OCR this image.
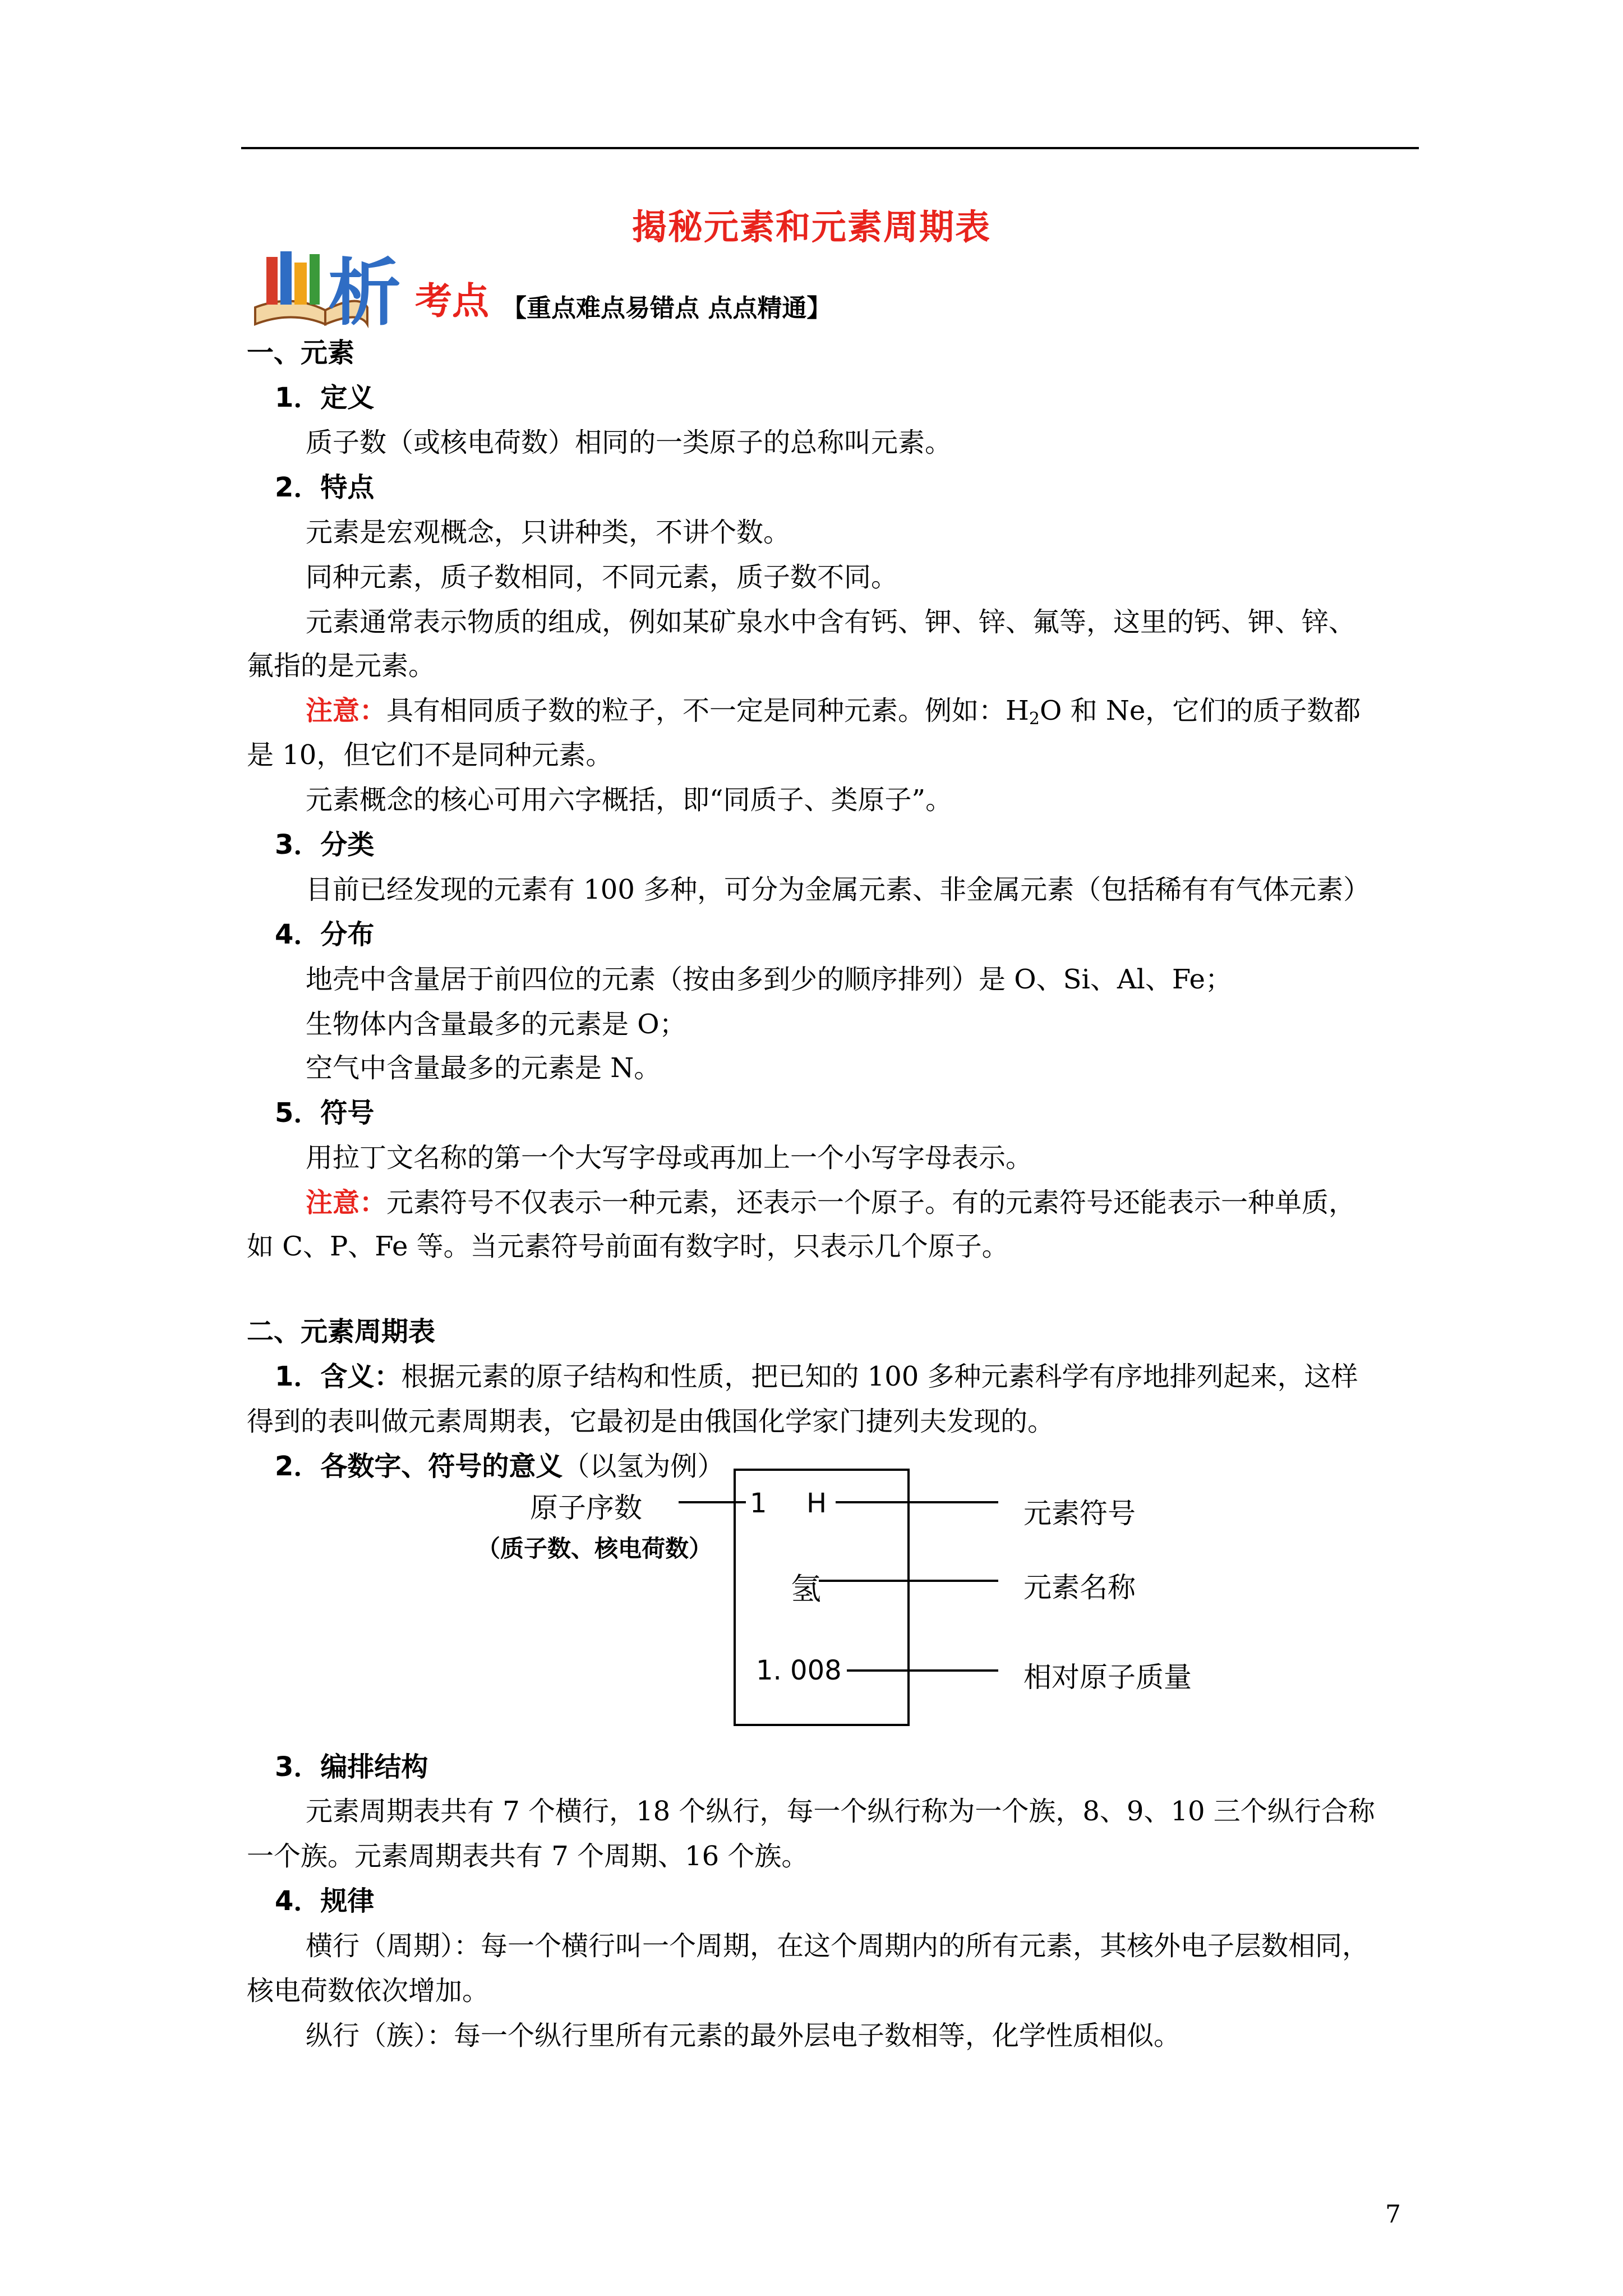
揭秘元素和元素周期表
析 考点 【重点难点易错点 点点精通】
一、元素
1．定义
质子数（或核电荷数）相同的一类原子的总称叫元素。
2．特点
元素是宏观概念，只讲种类，不讲个数。
同种元素，质子数相同，不同元素，质子数不同。
元素通常表示物质的组成，例如某矿泉水中含有钙、钾、锌、氟等，这里的钙、钾、锌、
氟指的是元素。
注意：具有相同质子数的粒子，不一定是同种元素。例如：$H_2O$ 和 Ne，它们的质子数都
是 10，但它们不是同种元素。
元素概念的核心可用六字概括，即“同质子、类原子”。
3．分类
目前已经发现的元素有 100 多种，可分为金属元素、非金属元素（包括稀有有气体元素）
4．分布
地壳中含量居于前四位的元素（按由多到少的顺序排列）是 O、Si、Al、Fe；
生物体内含量最多的元素是 O；
空气中含量最多的元素是 N。
5．符号
用拉丁文名称的第一个大写字母或再加上一个小写字母表示。
注意：元素符号不仅表示一种元素，还表示一个原子。有的元素符号还能表示一种单质，
如 C、P、Fe 等。当元素符号前面有数字时，只表示几个原子。
二、元素周期表
1．含义：根据元素的原子结构和性质，把已知的 100 多种元素科学有序地排列起来，这样
得到的表叫做元素周期表，它最初是由俄国化学家门捷列夫发现的。
2．各数字、符号的意义（以氢为例）
原子序数
（质子数、核电荷数）
1 H
氢
1. 008
元素符号
元素名称
相对原子质量
3．编排结构
元素周期表共有 7 个横行，18 个纵行，每一个纵行称为一个族，8、9、10 三个纵行合称
一个族。元素周期表共有 7 个周期、16 个族。
4．规律
横行（周期）：每一个横行叫一个周期，在这个周期内的所有元素，其核外电子层数相同，
核电荷数依次增加。
纵行（族）：每一个纵行里所有元素的最外层电子数相等，化学性质相似。
7
